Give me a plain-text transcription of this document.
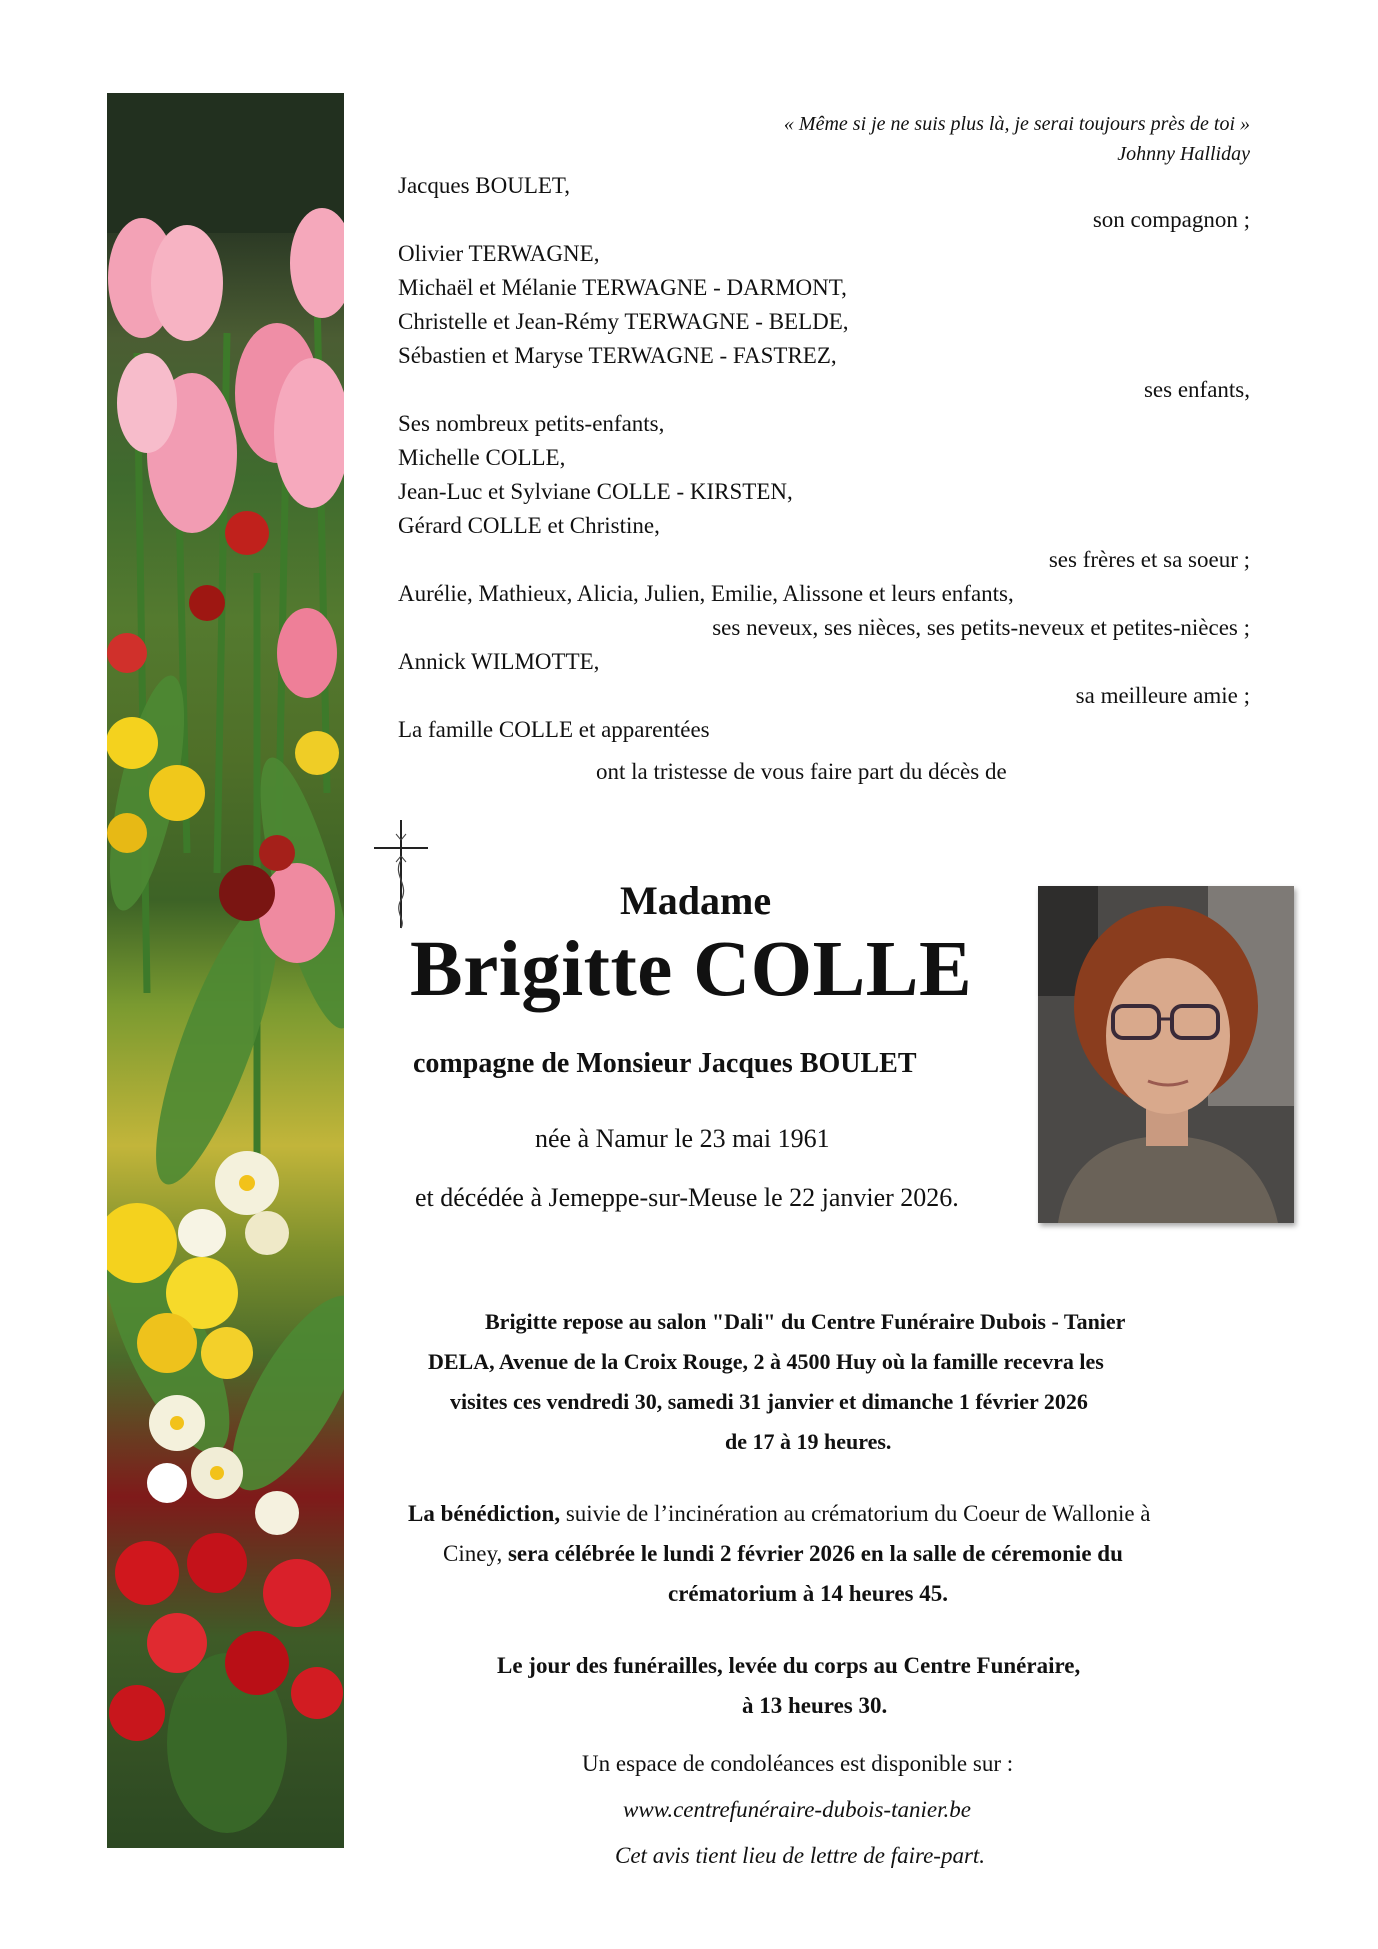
« Même si je ne suis plus là, je serai toujours près de toi »
Johnny Halliday
Jacques BOULET,
son compagnon ;
Olivier TERWAGNE,
Michaël et Mélanie TERWAGNE - DARMONT,
Christelle et Jean-Rémy TERWAGNE - BELDE,
Sébastien et Maryse TERWAGNE - FASTREZ,
ses enfants,
Ses nombreux petits-enfants,
Michelle COLLE,
Jean-Luc et Sylviane COLLE - KIRSTEN,
Gérard COLLE et Christine,
ses frères et sa soeur ;
Aurélie, Mathieux, Alicia, Julien, Emilie, Alissone et leurs enfants,
ses neveux, ses nièces, ses petits-neveux et petites-nièces ;
Annick WILMOTTE,
sa meilleure amie ;
La famille COLLE et apparentées
ont la tristesse de vous faire part du décès de
Madame
Brigitte COLLE
compagne de Monsieur Jacques BOULET
née à Namur le 23 mai 1961
et décédée à Jemeppe-sur-Meuse le 22 janvier 2026.
Brigitte repose au salon "Dali" du Centre Funéraire Dubois - Tanier
DELA, Avenue de la Croix Rouge, 2 à 4500 Huy où la famille recevra les
visites ces vendredi 30, samedi 31 janvier et dimanche 1 février 2026
de 17 à 19 heures.
La bénédiction, suivie de l’incinération au crématorium du Coeur de Wallonie à
Ciney, sera célébrée le lundi 2 février 2026 en la salle de céremonie du
crématorium à 14 heures 45.
Le jour des funérailles, levée du corps au Centre Funéraire,
à 13 heures 30.
Un espace de condoléances est disponible sur :
www.centrefunéraire-dubois-tanier.be
Cet avis tient lieu de lettre de faire-part.
